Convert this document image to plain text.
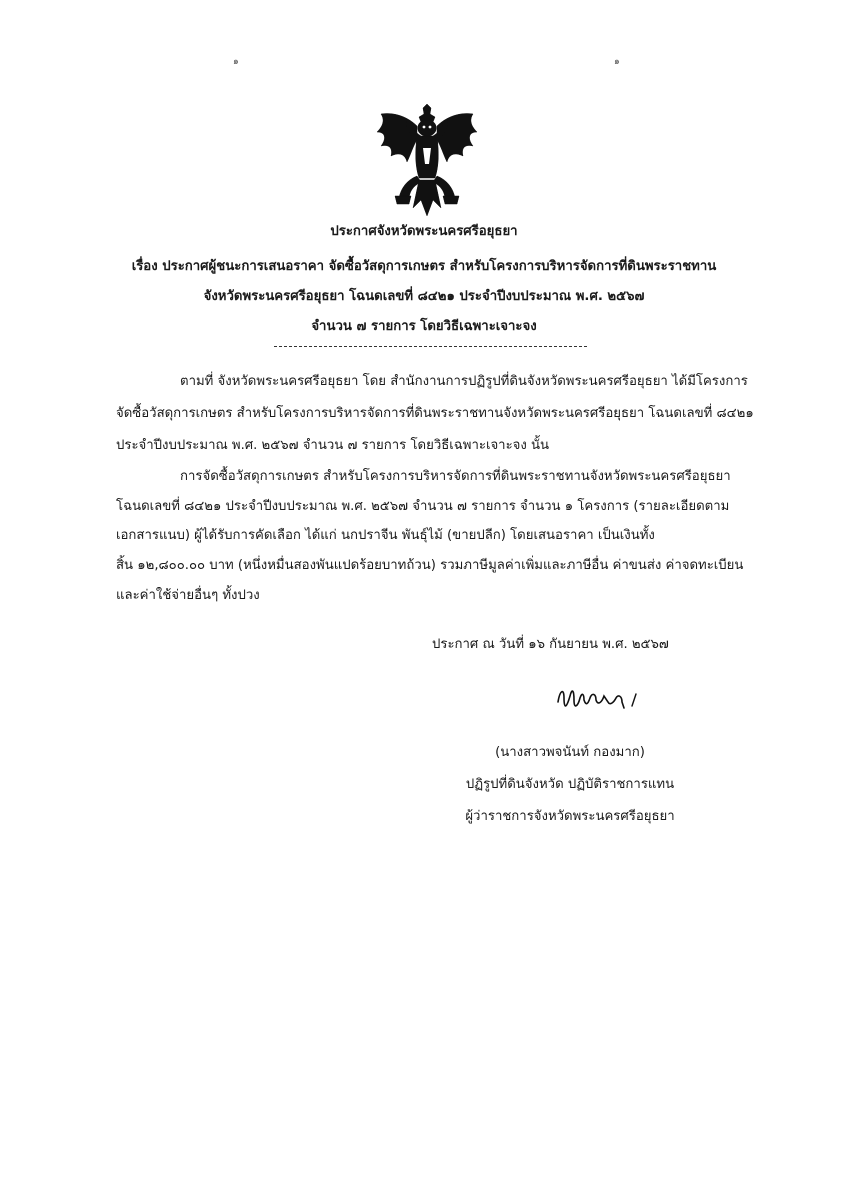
๑	๑
ประกาศจังหวัดพระนครศรีอยุธยา
เรื่อง ประกาศผู้ชนะการเสนอราคา จัดซื้อวัสดุการเกษตร สำหรับโครงการบริหารจัดการที่ดินพระราชทาน
จังหวัดพระนครศรีอยุธยา โฉนดเลขที่ ๘๔๒๑ ประจำปีงบประมาณ พ.ศ. ๒๕๖๗
จำนวน ๗ รายการ โดยวิธีเฉพาะเจาะจง
ตามที่ จังหวัดพระนครศรีอยุธยา โดย สำนักงานการปฏิรูปที่ดินจังหวัดพระนครศรีอยุธยา ได้มีโครงการ
จัดซื้อวัสดุการเกษตร สำหรับโครงการบริหารจัดการที่ดินพระราชทานจังหวัดพระนครศรีอยุธยา โฉนดเลขที่ ๘๔๒๑
ประจำปีงบประมาณ พ.ศ. ๒๕๖๗ จำนวน ๗ รายการ โดยวิธีเฉพาะเจาะจง นั้น
การจัดซื้อวัสดุการเกษตร สำหรับโครงการบริหารจัดการที่ดินพระราชทานจังหวัดพระนครศรีอยุธยา
โฉนดเลขที่ ๘๔๒๑ ประจำปีงบประมาณ พ.ศ. ๒๕๖๗ จำนวน ๗ รายการ จำนวน ๑ โครงการ (รายละเอียดตาม
เอกสารแนบ) ผู้ได้รับการคัดเลือก ได้แก่ นกปราจีน พันธุ์ไม้ (ขายปลีก) โดยเสนอราคา เป็นเงินทั้ง
สิ้น ๑๒,๘๐๐.๐๐ บาท (หนึ่งหมื่นสองพันแปดร้อยบาทถ้วน) รวมภาษีมูลค่าเพิ่มและภาษีอื่น ค่าขนส่ง ค่าจดทะเบียน
และค่าใช้จ่ายอื่นๆ ทั้งปวง
ประกาศ ณ วันที่ ๑๖ กันยายน พ.ศ. ๒๕๖๗
(นางสาวพจนันท์ กองมาก)
ปฏิรูปที่ดินจังหวัด ปฏิบัติราชการแทน
ผู้ว่าราชการจังหวัดพระนครศรีอยุธยา
